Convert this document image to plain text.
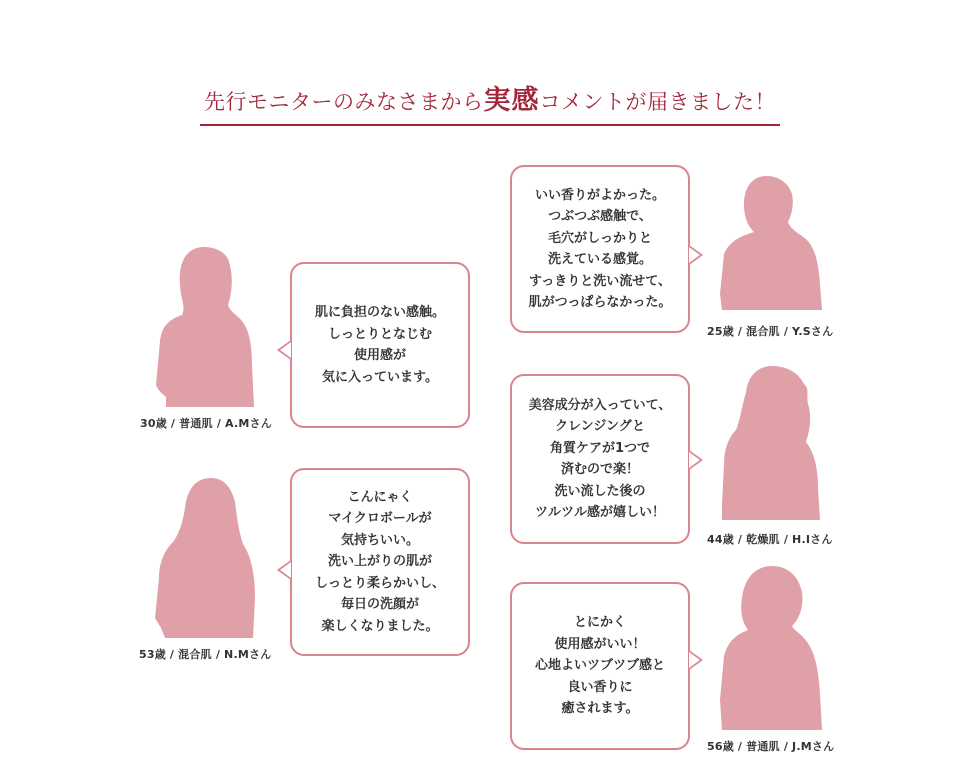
先行モニターのみなさまから実感コメントが届きました！
30歳 / 普通肌 / A.Mさん
肌に負担のない感触。
しっとりとなじむ
使用感が
気に入っています。
53歳 / 混合肌 / N.Mさん
こんにゃく
マイクロボールが
気持ちいい。
洗い上がりの肌が
しっとり柔らかいし、
毎日の洗顔が
楽しくなりました。
いい香りがよかった。
つぶつぶ感触で、
毛穴がしっかりと
洗えている感覚。
すっきりと洗い流せて、
肌がつっぱらなかった。
25歳 / 混合肌 / Y.Sさん
美容成分が入っていて、
クレンジングと
角質ケアが1つで
済むので楽！
洗い流した後の
ツルツル感が嬉しい！
44歳 / 乾燥肌 / H.Iさん
とにかく
使用感がいい！
心地よいツブツブ感と
良い香りに
癒されます。
56歳 / 普通肌 / J.Mさん
